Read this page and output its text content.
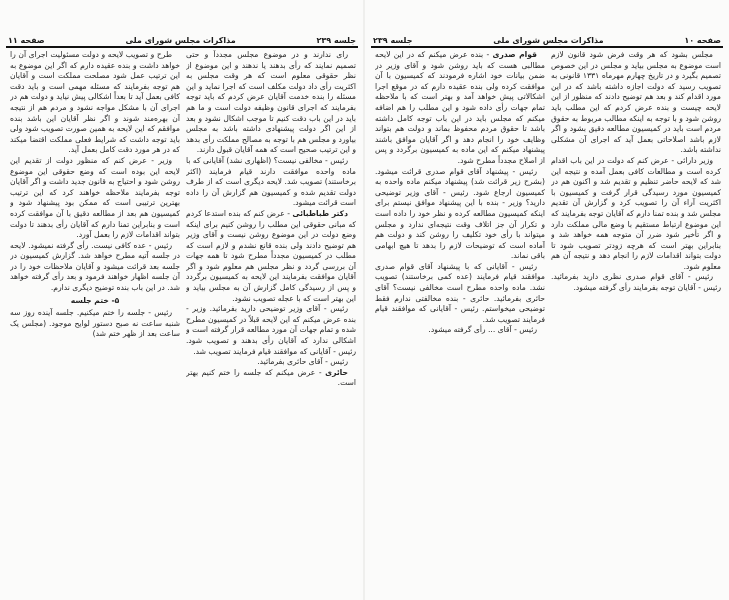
جلسه ۲۳۹
مذاکرات مجلس شورای ملی
صفحه ۱۱

رای ندارند و در موضوع مجلس مجدداً و حتی تصمیم نمایند که رأی بدهند یا ندهند و این موضوع از نظر حقوقی معلوم است که هر وقت مجلس به اکثریت رأی داد دولت مکلف است که اجرا نماید و این مسئله را بنده خدمت آقایان عرض کردم که باید توجه بفرمایند که اجرای قانون وظیفه دولت است و ما هم باید در این باب دقت کنیم تا موجب اشکال نشود و بعد از این اگر دولت پیشنهادی داشته باشد به مجلس بیاورد و مجلس هم با توجه به مصالح مملکت رأی بدهد و این ترتیب صحیح است که همه آقایان قبول دارند.

رئیس - مخالفی نیست؟ (اظهاری نشد) آقایانی که با ماده واحده موافقت دارند قیام فرمایند (اکثر برخاستند) تصویب شد. لایحه دیگری است که از طرف دولت تقدیم شده و کمیسیون هم گزارش آن را داده است قرائت میشود.

دکتر طباطبائی - عرض کنم که بنده استدعا کردم که مبانی حقوقی این مطلب را روشن کنیم برای اینکه وضع دولت در این موضوع روشن نیست و آقای وزیر هم توضیح دادند ولی بنده قانع نشدم و لازم است که مطلب در کمیسیون مجدداً مطرح شود تا همه جهات آن بررسی گردد و نظر مجلس هم معلوم شود و اگر آقایان موافقت بفرمایند این لایحه به کمیسیون برگردد و پس از رسیدگی کامل گزارش آن به مجلس بیاید و این بهتر است که با عجله تصویب نشود.

رئیس - آقای وزیر توضیحی دارید بفرمائید. وزیر - بنده عرض میکنم که این لایحه قبلاً در کمیسیون مطرح شده و تمام جهات آن مورد مطالعه قرار گرفته است و اشکالی ندارد که آقایان رأی بدهند و تصویب شود. رئیس - آقایانی که موافقند قیام فرمایند تصویب شد.

رئیس - آقای حائری بفرمائید.

حائری - عرض میکنم که جلسه را ختم کنیم بهتر است.

طرح و تصویب لایحه و دولت مسئولیت اجرای آن را خواهد داشت و بنده عقیده دارم که اگر این موضوع به این ترتیب عمل شود مصلحت مملکت است و آقایان هم توجه بفرمایند که مسئله مهمی است و باید دقت کافی بعمل آید تا بعداً اشکالی پیش نیاید و دولت هم در اجرای آن با مشکل مواجه نشود و مردم هم از نتیجه آن بهره‌مند شوند و اگر نظر آقایان این باشد بنده موافقم که این لایحه به همین صورت تصویب شود ولی باید توجه داشت که شرایط فعلی مملکت اقتضا میکند که در هر مورد دقت کامل بعمل آید.

وزیر - عرض کنم که منظور دولت از تقدیم این لایحه این بوده است که وضع حقوقی این موضوع روشن شود و احتیاج به قانون جدید داشت و اگر آقایان توجه بفرمایند ملاحظه خواهند کرد که این ترتیب بهترین ترتیبی است که ممکن بود پیشنهاد شود و کمیسیون هم بعد از مطالعه دقیق با آن موافقت کرده است و بنابراین تمنا دارم که آقایان رأی بدهند تا دولت بتواند اقدامات لازم را بعمل آورد.

رئیس - عده کافی نیست. رأی گرفته نمیشود. لایحه در جلسه آتیه مطرح خواهد شد. گزارش کمیسیون در جلسه بعد قرائت میشود و آقایان ملاحظات خود را در آن جلسه اظهار خواهند فرمود و بعد رأی گرفته خواهد شد. در این باب بنده توضیح دیگری ندارم.

۵- ختم جلسه

رئیس - جلسه را ختم میکنیم. جلسه آینده روز سه شنبه ساعت نه صبح دستور لوایح موجود. (مجلس یک ساعت بعد از ظهر ختم شد)

صفحه ۱۰
مذاکرات مجلس شورای ملی
جلسه ۲۳۹

مجلس بشود که هر وقت فرض شود قانون لازم است موضوع به مجلس بیاید و مجلس در این خصوص تصمیم بگیرد و در تاریخ چهارم مهرماه ۱۳۳۱ قانونی به تصویب رسید که دولت اجازه داشته باشد که در این مورد اقدام کند و بعد هم توضیح دادند که منظور از این لایحه چیست و بنده عرض کردم که این مطلب باید روشن شود و با توجه به اینکه مطالب مربوط به حقوق مردم است باید در کمیسیون مطالعه دقیق بشود و اگر لازم باشد اصلاحاتی بعمل آید که اجرای آن مشکلی نداشته باشد.

وزیر دارائی - عرض کنم که دولت در این باب اقدام کرده است و مطالعات کافی بعمل آمده و نتیجه این شد که لایحه حاضر تنظیم و تقدیم شد و اکنون هم در کمیسیون مورد رسیدگی قرار گرفت و کمیسیون با اکثریت آراء آن را تصویب کرد و گزارش آن تقدیم مجلس شد و بنده تمنا دارم که آقایان توجه بفرمایند که این موضوع ارتباط مستقیم با وضع مالی مملکت دارد و اگر تأخیر شود ضرر آن متوجه همه خواهد شد و بنابراین بهتر است که هرچه زودتر تصویب شود تا دولت بتواند اقدامات لازم را انجام دهد و نتیجه آن هم معلوم شود.

رئیس - آقای قوام صدری نظری دارید بفرمائید. رئیس - آقایان توجه بفرمایند رأی گرفته میشود.

قوام صدری - بنده عرض میکنم که در این لایحه مطالبی هست که باید روشن شود و آقای وزیر در ضمن بیانات خود اشاره فرمودند که کمیسیون با آن موافقت کرده ولی بنده عقیده دارم که در موقع اجرا اشکالاتی پیش خواهد آمد و بهتر است که با ملاحظه تمام جهات رأی داده شود و این مطلب را هم اضافه میکنم که مجلس باید در این باب توجه کامل داشته باشد تا حقوق مردم محفوظ بماند و دولت هم بتواند وظایف خود را انجام دهد و اگر آقایان موافق باشند پیشنهاد میکنم که این ماده به کمیسیون برگردد و پس از اصلاح مجدداً مطرح شود.

رئیس - پیشنهاد آقای قوام صدری قرائت میشود. (بشرح زیر قرائت شد) پیشنهاد میکنم ماده واحده به کمیسیون ارجاع شود. رئیس - آقای وزیر توضیحی دارید؟ وزیر - بنده با این پیشنهاد موافق نیستم برای اینکه کمیسیون مطالعه کرده و نظر خود را داده است و تکرار آن جز اتلاف وقت نتیجه‌ای ندارد و مجلس میتواند با رأی خود تکلیف را روشن کند و دولت هم آماده است که توضیحات لازم را بدهد تا هیچ ابهامی باقی نماند.

رئیس - آقایانی که با پیشنهاد آقای قوام صدری موافقند قیام فرمایند (عده کمی برخاستند) تصویب نشد. ماده واحده مطرح است مخالفی نیست؟ آقای حائری بفرمائید. حائری - بنده مخالفتی ندارم فقط توضیحی میخواستم. رئیس - آقایانی که موافقند قیام فرمایند تصویب شد.

رئیس - آقای ... رأی گرفته میشود.
